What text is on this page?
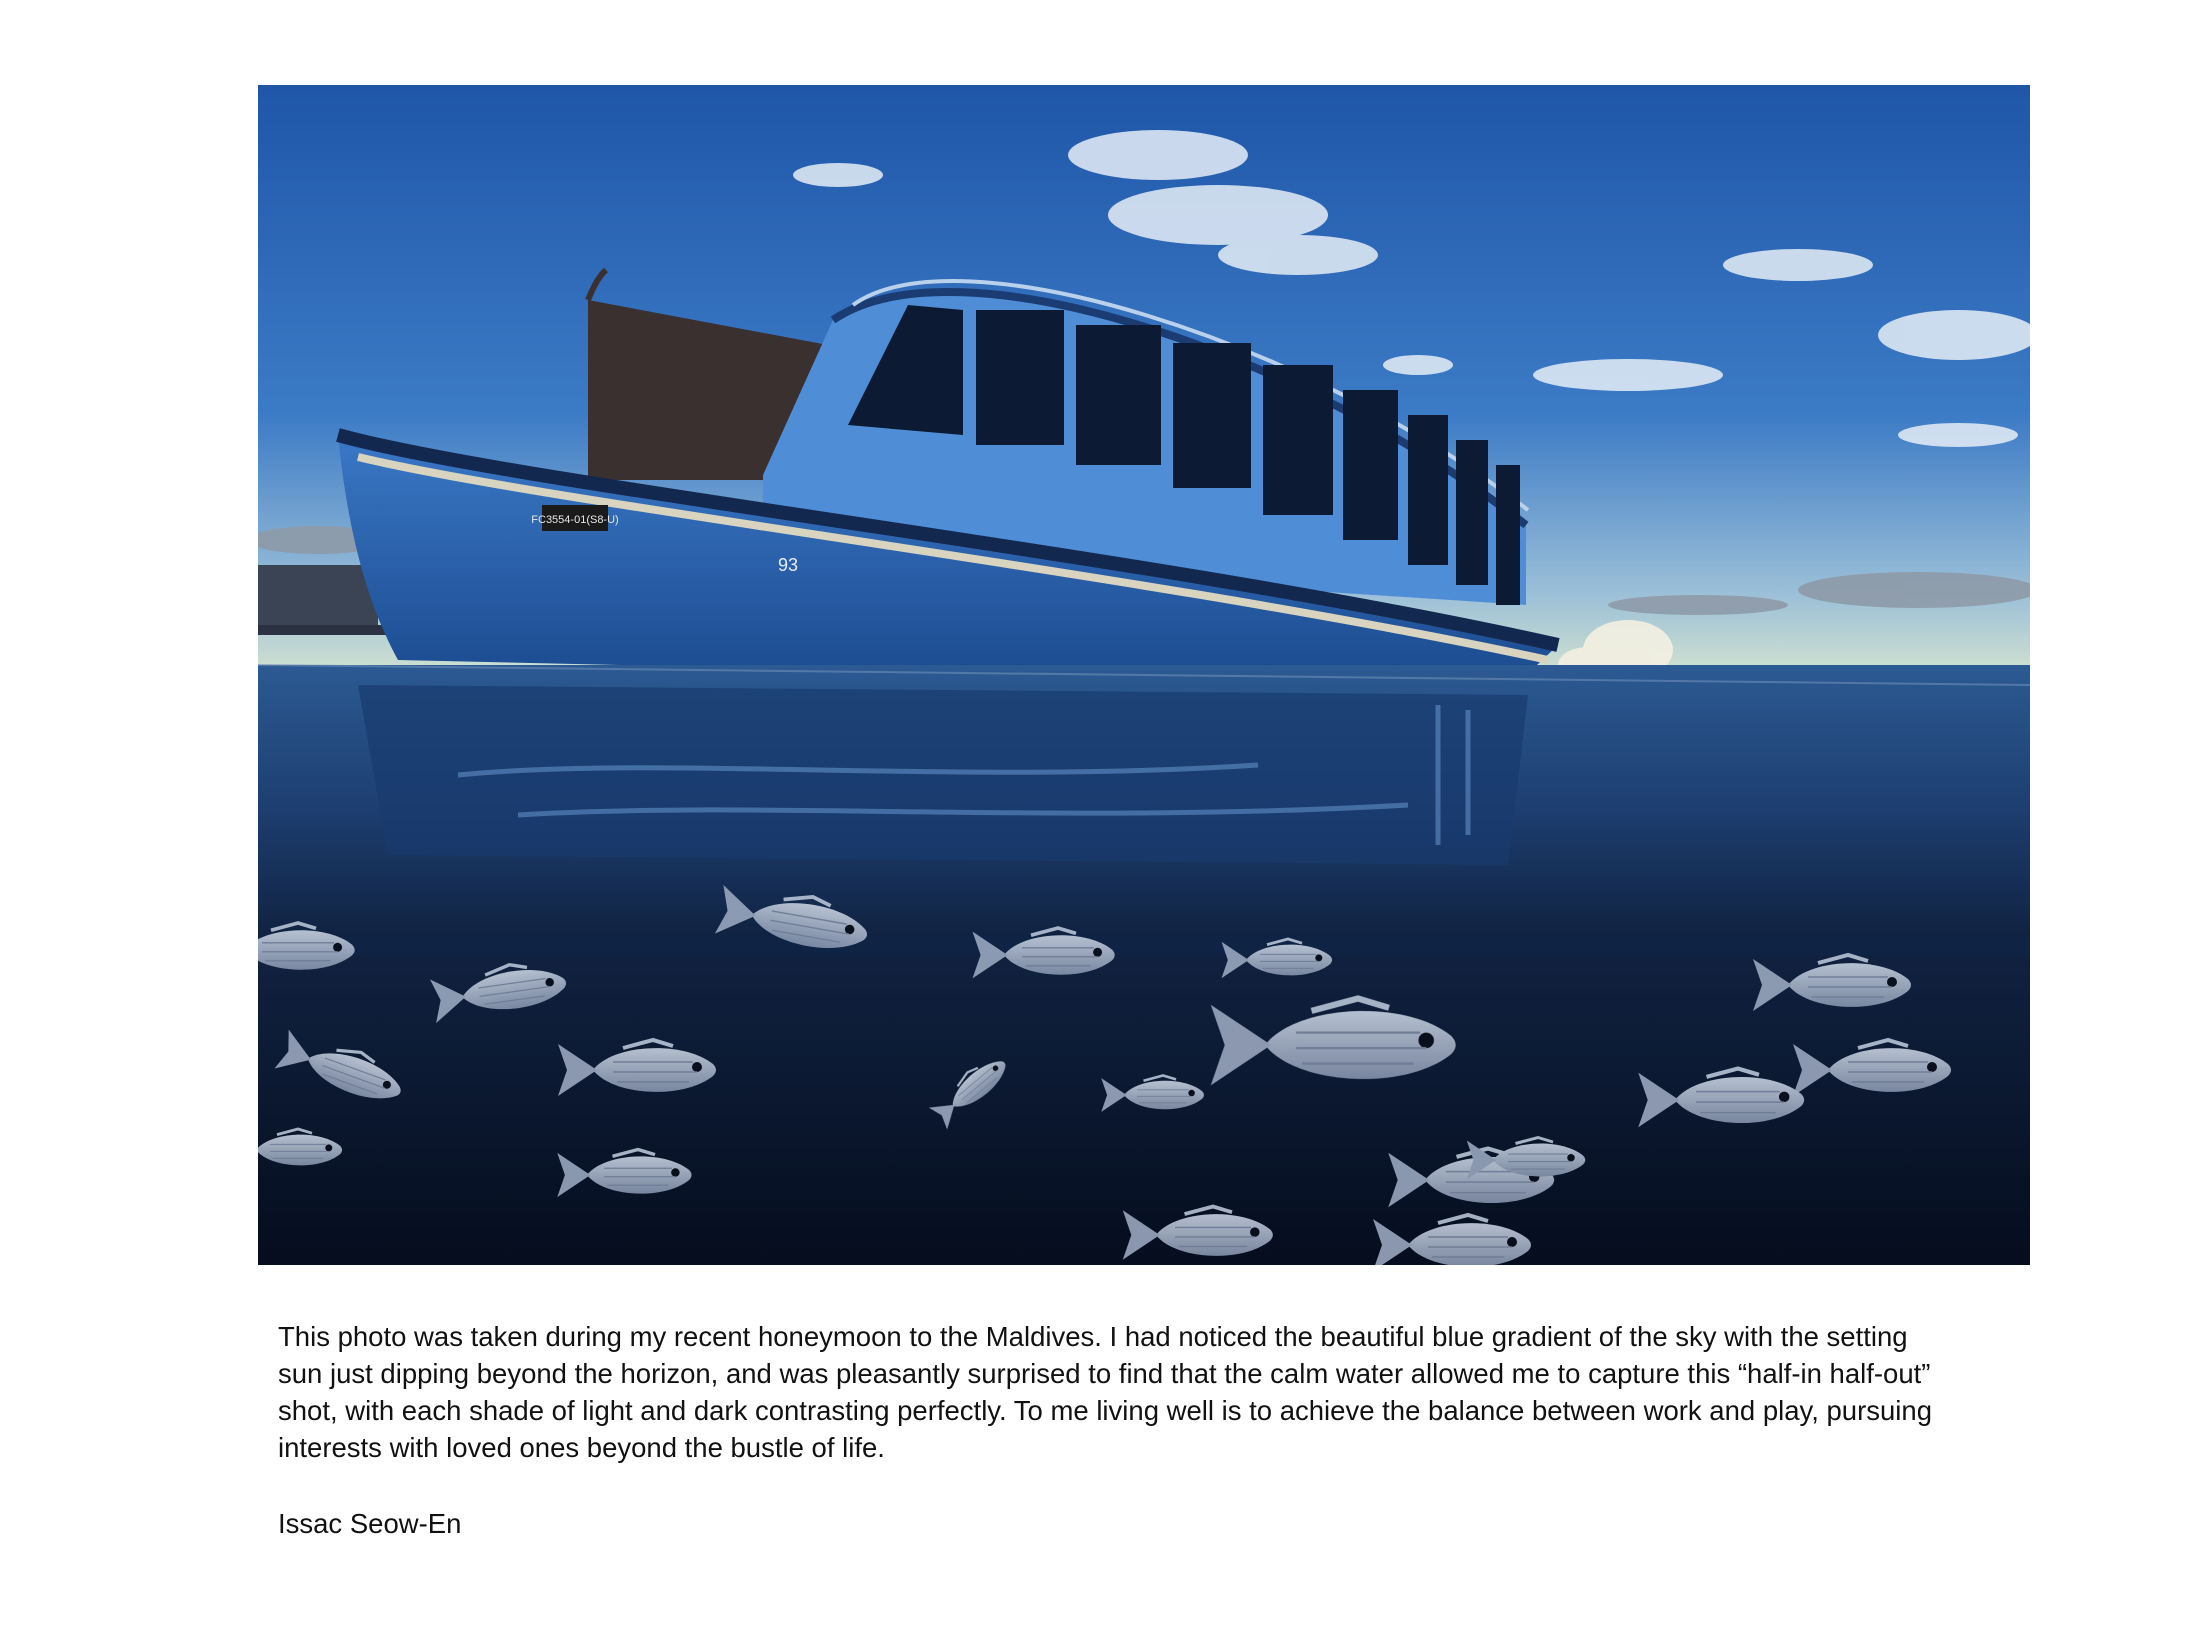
FC3554-01(S8-U)
93

This photo was taken during my recent honeymoon to the Maldives. I had noticed the beautiful blue gradient of the sky with the setting sun just dipping beyond the horizon, and was pleasantly surprised to find that the calm water allowed me to capture this “half-in half-out” shot, with each shade of light and dark contrasting perfectly. To me living well is to achieve the balance between work and play, pursuing interests with loved ones beyond the bustle of life.

Issac Seow-En
